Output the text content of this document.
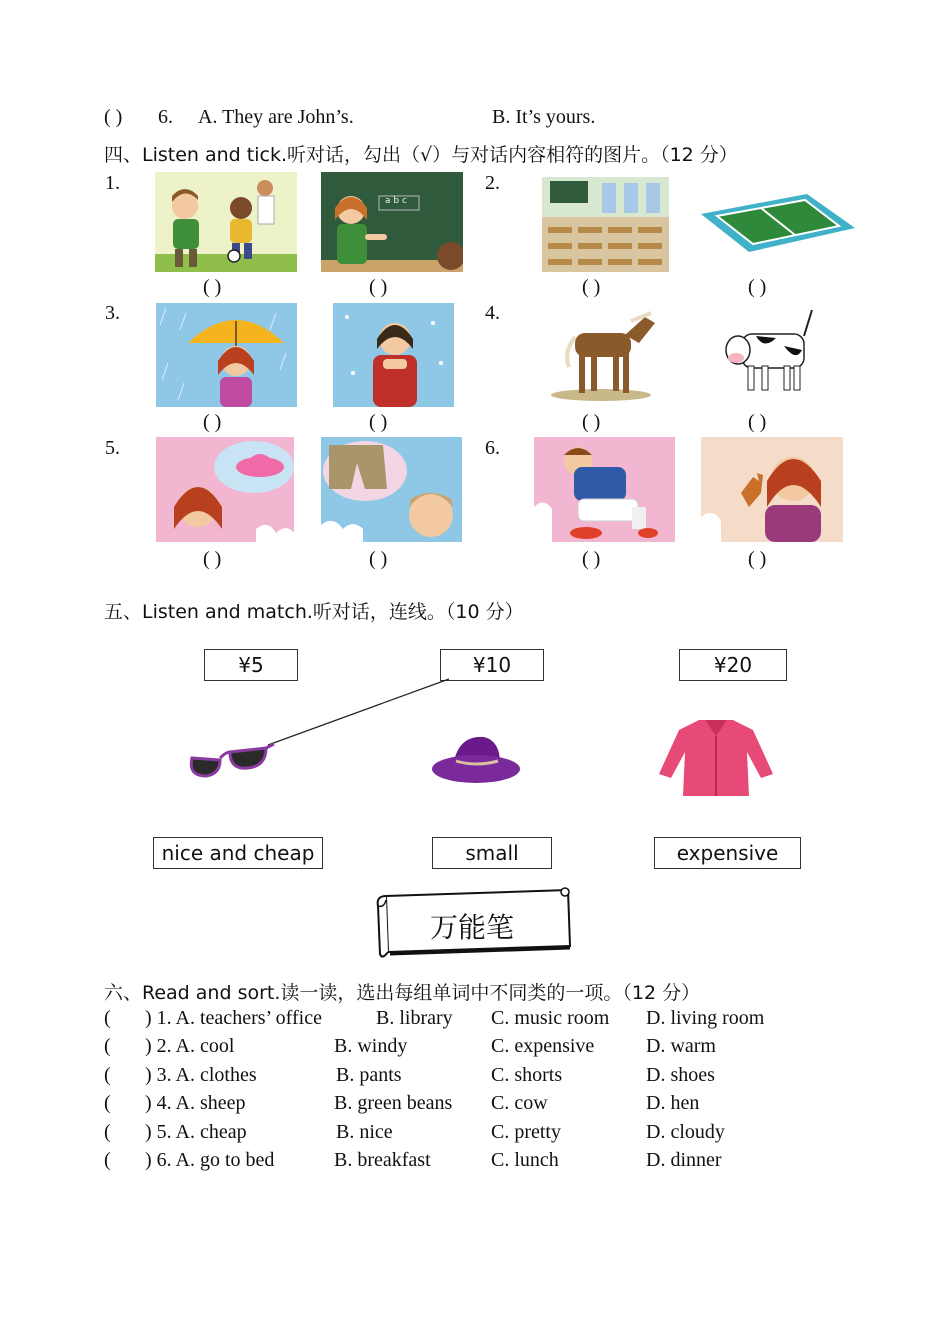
( ) 6. A. They are John’s.	B. It’s yours.
四、Listen and tick.听对话，勾出（√）与对话内容相符的图片。（12 分）
1.	2.
3.	4.
5.	6.
a b c
( )	( )	( )	( )
( )	( )	( )	( )
( )	( )	( )	( )
五、Listen and match.听对话，连线。（10 分）
¥5	¥10	¥20
nice and cheap	small	expensive
万能笔
六、Read and sort.读一读，选出每组单词中不同类的一项。（12 分）
( ) 1. A. teachers’ office	B. library C. music room D. living room
( ) 2. A. cool	B. windy	C. expensive	D. warm
( ) 3. A. clothes	B. pants	C. shorts	D. shoes
( ) 4. A. sheep	B. green beans C. cow	D. hen
( ) 5. A. cheap	B. nice	C. pretty	D. cloudy
( ) 6. A. go to bed	B. breakfast	C. lunch	D. dinner
